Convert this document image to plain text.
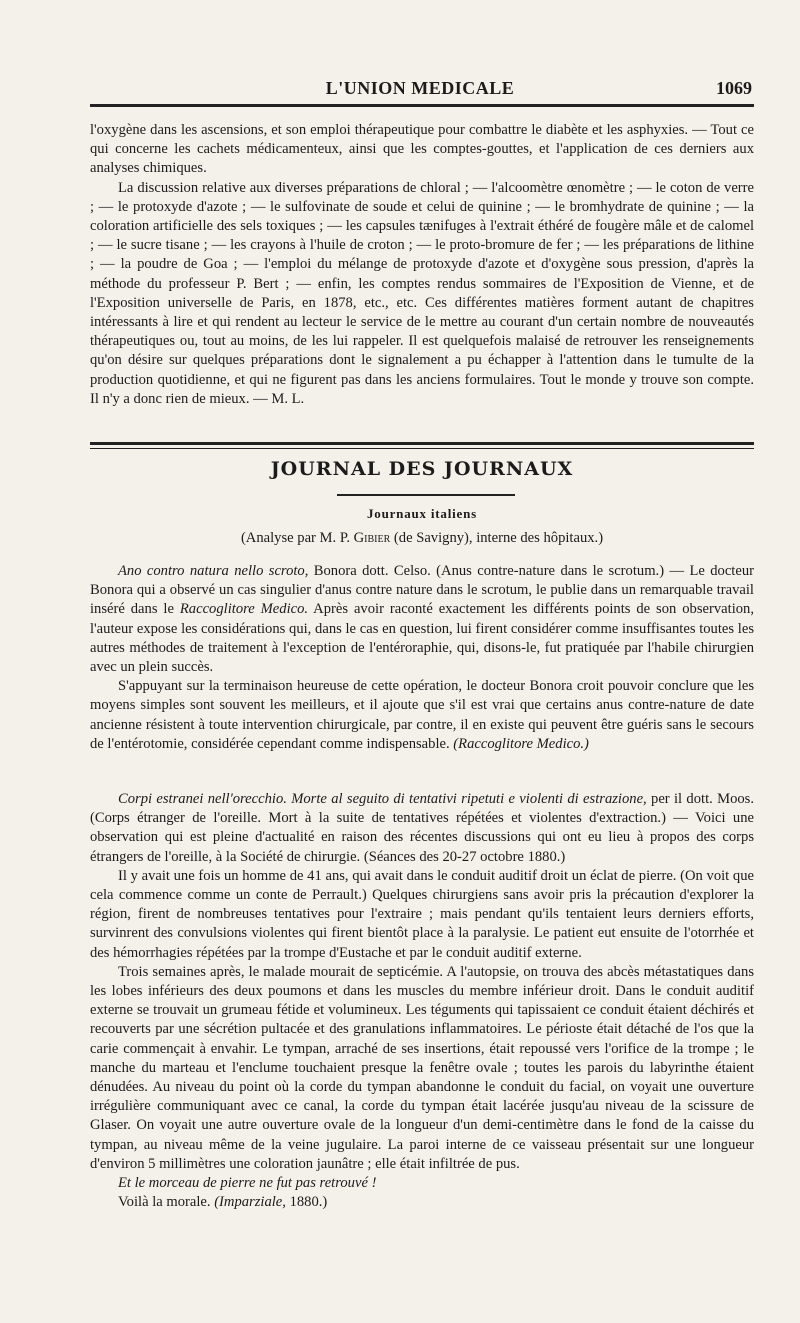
L'UNION MEDICALE	1069

l'oxygène dans les ascensions, et son emploi thérapeutique pour combattre le diabète et les asphyxies. — Tout ce qui concerne les cachets médicamenteux, ainsi que les comptes-gouttes, et l'application de ces derniers aux analyses chimiques.

La discussion relative aux diverses préparations de chloral ; — l'alcoomètre œnomètre ; — le coton de verre ; — le protoxyde d'azote ; — le sulfovinate de soude et celui de quinine ; — le bromhydrate de quinine ; — la coloration artificielle des sels toxiques ; — les capsules tænifuges à l'extrait éthéré de fougère mâle et de calomel ; — le sucre tisane ; — les crayons à l'huile de croton ; — le proto-bromure de fer ; — les préparations de lithine ; — la poudre de Goa ; — l'emploi du mélange de protoxyde d'azote et d'oxygène sous pression, d'après la méthode du professeur P. Bert ; — enfin, les comptes rendus sommaires de l'Exposition de Vienne, et de l'Exposition universelle de Paris, en 1878, etc., etc. Ces différentes matières forment autant de chapitres intéressants à lire et qui rendent au lecteur le service de le mettre au courant d'un certain nombre de nouveautés thérapeutiques ou, tout au moins, de les lui rappeler. Il est quelquefois malaisé de retrouver les renseignements qu'on désire sur quelques préparations dont le signalement a pu échapper à l'attention dans le tumulte de la production quotidienne, et qui ne figurent pas dans les anciens formulaires. Tout le monde y trouve son compte. Il n'y a donc rien de mieux. — M. L.

JOURNAL DES JOURNAUX
Journaux italiens
(Analyse par M. P. Gibier (de Savigny), interne des hôpitaux.)

Ano contro natura nello scroto, Bonora dott. Celso. (Anus contre-nature dans le scrotum.) — Le docteur Bonora qui a observé un cas singulier d'anus contre nature dans le scrotum, le publie dans un remarquable travail inséré dans le Raccoglitore Medico. Après avoir raconté exactement les différents points de son observation, l'auteur expose les considérations qui, dans le cas en question, lui firent considérer comme insuffisantes toutes les autres méthodes de traitement à l'exception de l'entéroraphie, qui, disons-le, fut pratiquée par l'habile chirurgien avec un plein succès.

S'appuyant sur la terminaison heureuse de cette opération, le docteur Bonora croit pouvoir conclure que les moyens simples sont souvent les meilleurs, et il ajoute que s'il est vrai que certains anus contre-nature de date ancienne résistent à toute intervention chirurgicale, par contre, il en existe qui peuvent être guéris sans le secours de l'entérotomie, considérée cependant comme indispensable. (Raccoglitore Medico.)

Corpi estranei nell'orecchio. Morte al seguito di tentativi ripetuti e violenti di estrazione, per il dott. Moos. (Corps étranger de l'oreille. Mort à la suite de tentatives répétées et violentes d'extraction.) — Voici une observation qui est pleine d'actualité en raison des récentes discussions qui ont eu lieu à propos des corps étrangers de l'oreille, à la Société de chirurgie. (Séances des 20-27 octobre 1880.)

Il y avait une fois un homme de 41 ans, qui avait dans le conduit auditif droit un éclat de pierre. (On voit que cela commence comme un conte de Perrault.) Quelques chirurgiens sans avoir pris la précaution d'explorer la région, firent de nombreuses tentatives pour l'extraire ; mais pendant qu'ils tentaient leurs derniers efforts, survinrent des convulsions violentes qui firent bientôt place à la paralysie. Le patient eut ensuite de l'otorrhée et des hémorrhagies répétées par la trompe d'Eustache et par le conduit auditif externe.

Trois semaines après, le malade mourait de septicémie. A l'autopsie, on trouva des abcès métastatiques dans les lobes inférieurs des deux poumons et dans les muscles du membre inférieur droit. Dans le conduit auditif externe se trouvait un grumeau fétide et volumineux. Les téguments qui tapissaient ce conduit étaient déchirés et recouverts par une sécrétion pultacée et des granulations inflammatoires. Le périoste était détaché de l'os que la carie commençait à envahir. Le tympan, arraché de ses insertions, était repoussé vers l'orifice de la trompe ; le manche du marteau et l'enclume touchaient presque la fenêtre ovale ; toutes les parois du labyrinthe étaient dénudées. Au niveau du point où la corde du tympan abandonne le conduit du facial, on voyait une ouverture irrégulière communiquant avec ce canal, la corde du tympan était lacérée jusqu'au niveau de la scissure de Glaser. On voyait une autre ouverture ovale de la longueur d'un demi-centimètre dans le fond de la caisse du tympan, au niveau même de la veine jugulaire. La paroi interne de ce vaisseau présentait sur une longueur d'environ 5 millimètres une coloration jaunâtre ; elle était infiltrée de pus.

Et le morceau de pierre ne fut pas retrouvé !

Voilà la morale. (Imparziale, 1880.)
